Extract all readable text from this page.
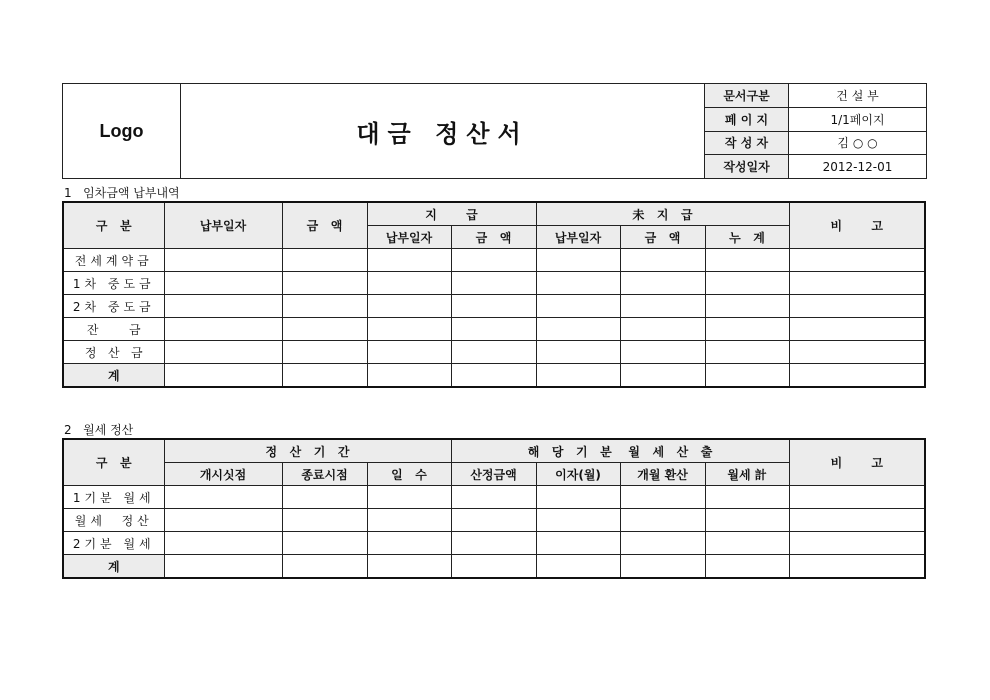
Logo	대금 정산서	문서구분	건 설 부
		페 이 지	1/1페이지
		작 성 자	김 ○ ○
		작성일자	2012-12-01
1   임차금액 납부내역
구   분	납부일자	금   액	지       급		未   지   급			비       고
			납부일자	금   액	납부일자	금   액	누   계	
전세계약금								
1차 중도금								
2차 중도금								
잔        금								
정   산   금								
계								
2   월세 정산
구   분	정   산   기   간			해   당   기   분    월   세   산   출				비       고
	개시싯점	종료시점	일   수	산정금액	이자(월)	개월 환산	월세 計	
1기분 월세								
월세  정산								
2기분 월세								
계								
